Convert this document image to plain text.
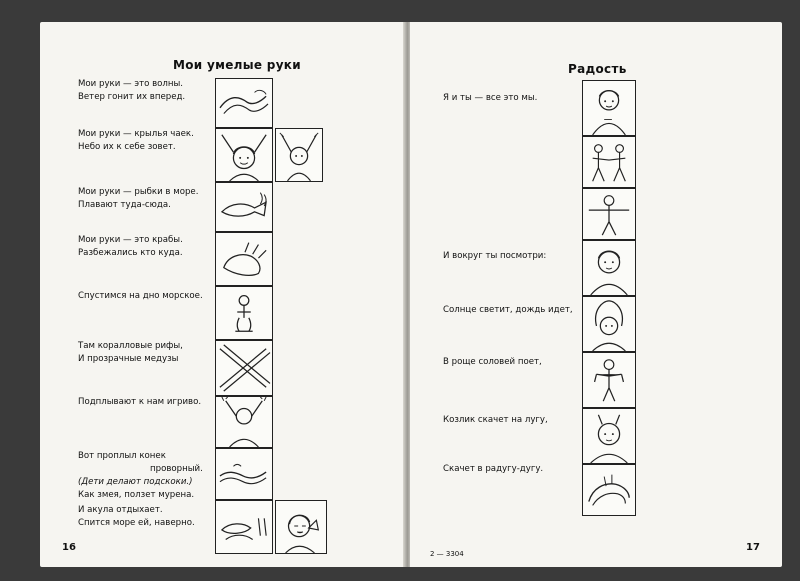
Мои умелые руки
Мои руки — это волны.
Ветер гонит их вперед.
Мои руки — крылья чаек.
Небо их к себе зовет.
Мои руки — рыбки в море.
Плавают туда-сюда.
Мои руки — это крабы.
Разбежались кто куда.
Спустимся на дно морское.
Там коралловые рифы,
И прозрачные медузы
Подплывают к нам игриво.
Вот проплыл конек
проворный.
(Дети делают подскоки.)
Как змея, ползет мурена.
И акула отдыхает.
Спится море ей, наверно.
16
Радость
Я и ты — все это мы.
И вокруг ты посмотри:
Солнце светит, дождь идет,
В роще соловей поет,
Козлик скачет на лугу,
Скачет в радугу-дугу.
2 — 3304
17
